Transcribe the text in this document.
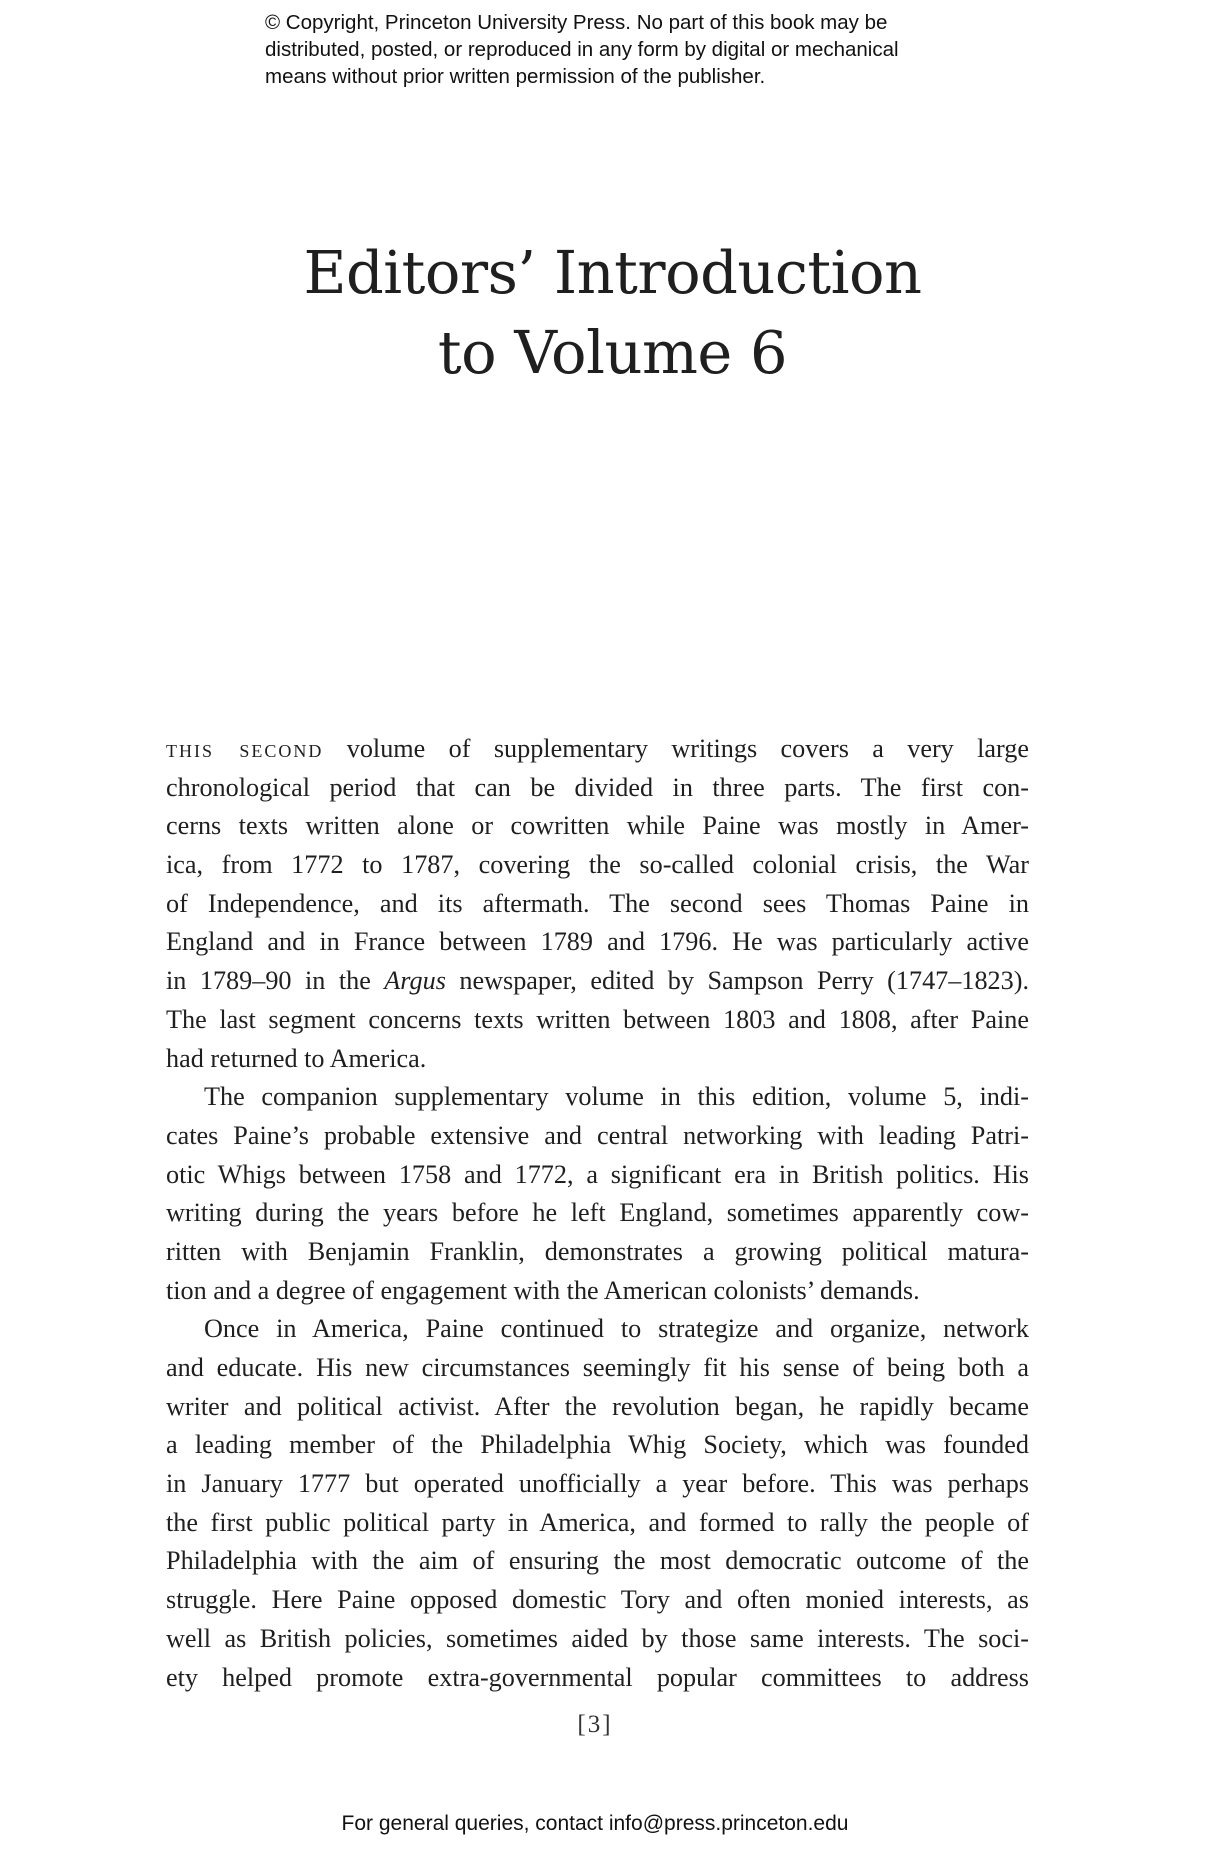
© Copyright, Princeton University Press. No part of this book may be
distributed, posted, or reproduced in any form by digital or mechanical
means without prior written permission of the publisher.
Editors’ Introduction
to Volume 6
this second volume of supplementary writings covers a very large
chronological period that can be divided in three parts. The first con-
cerns texts written alone or cowritten while Paine was mostly in Amer-
ica, from 1772 to 1787, covering the so-called colonial crisis, the War
of Independence, and its aftermath. The second sees Thomas Paine in
England and in France between 1789 and 1796. He was particularly active
in 1789–90 in the Argus newspaper, edited by Sampson Perry (1747–1823).
The last segment concerns texts written between 1803 and 1808, after Paine
had returned to America.
The companion supplementary volume in this edition, volume 5, indi-
cates Paine’s probable extensive and central networking with leading Patri-
otic Whigs between 1758 and 1772, a significant era in British politics. His
writing during the years before he left England, sometimes apparently cow-
ritten with Benjamin Franklin, demonstrates a growing political matura-
tion and a degree of engagement with the American colonists’ demands.
Once in America, Paine continued to strategize and organize, network
and educate. His new circumstances seemingly fit his sense of being both a
writer and political activist. After the revolution began, he rapidly became
a leading member of the Philadelphia Whig Society, which was founded
in January 1777 but operated unofficially a year before. This was perhaps
the first public political party in America, and formed to rally the people of
Philadelphia with the aim of ensuring the most democratic outcome of the
struggle. Here Paine opposed domestic Tory and often monied interests, as
well as British policies, sometimes aided by those same interests. The soci-
ety helped promote extra-governmental popular committees to address
[3]
For general queries, contact info@press.princeton.edu
